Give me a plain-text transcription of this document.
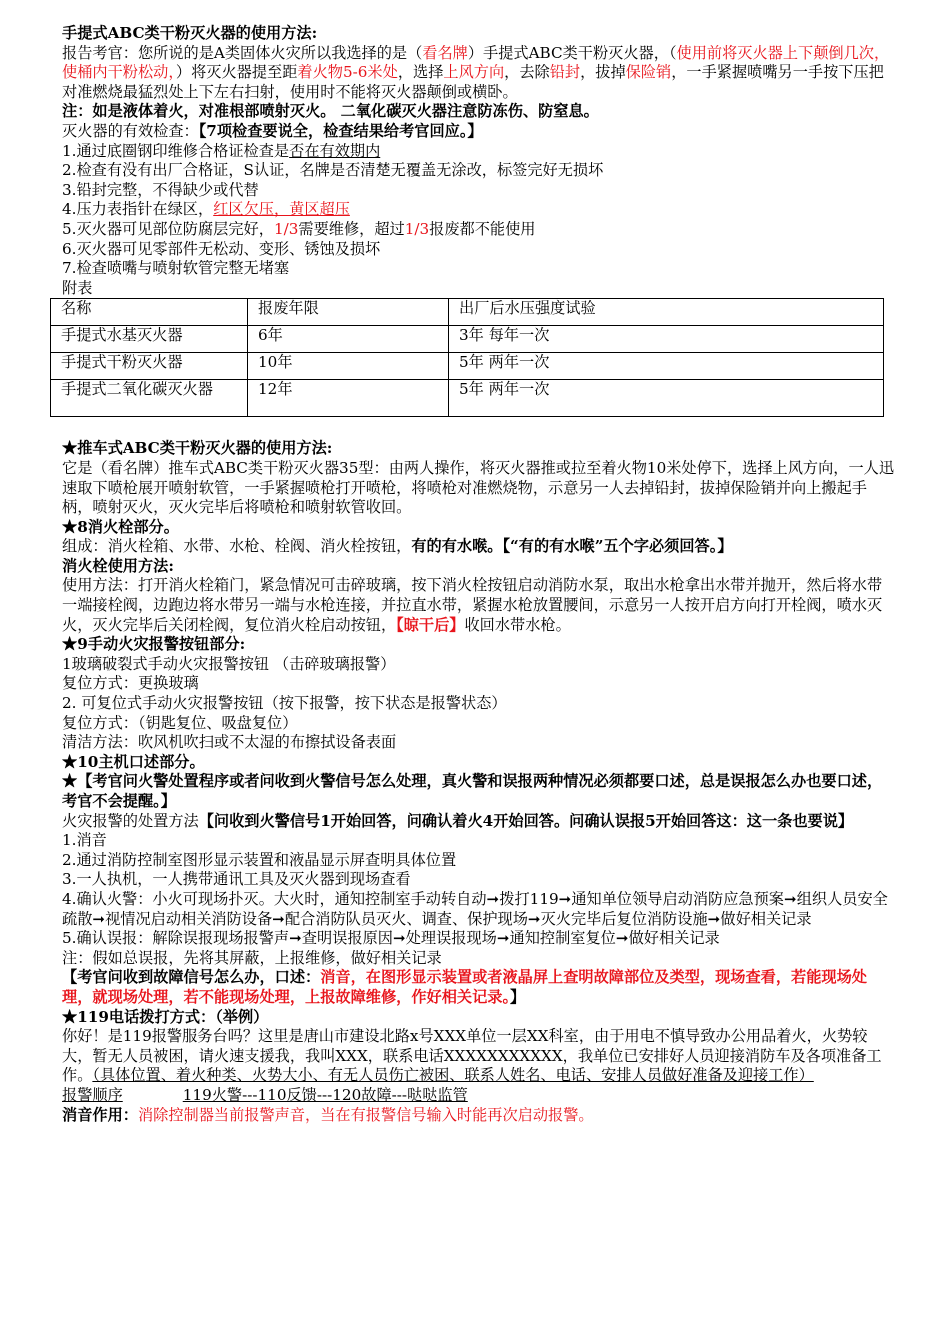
手提式ABC类干粉灭火器的使用方法:
报告考官：您所说的是A类固体火灾所以我选择的是（看名牌）手提式ABC类干粉灭火器，（使用前将灭火器上下颠倒几次，使桶内干粉松动，）将灭火器提至距着火物5-6米处，选择上风方向，去除铅封，拔掉保险销，一手紧握喷嘴另一手按下压把对准燃烧最猛烈处上下左右扫射，使用时不能将灭火器颠倒或横卧。
注：如是液体着火，对准根部喷射灭火。 二氧化碳灭火器注意防冻伤、防窒息。
灭火器的有效检查：【7项检查要说全，检查结果给考官回应。】
1.通过底圈钢印维修合格证检查是否在有效期内
2.检查有没有出厂合格证，S认证，名牌是否清楚无覆盖无涂改，标签完好无损坏
3.铅封完整，不得缺少或代替
4.压力表指针在绿区，红区欠压，黄区超压
5.灭火器可见部位防腐层完好，1/3需要维修，超过1/3报废都不能使用
6.灭火器可见零部件无松动、变形、锈蚀及损坏
7.检查喷嘴与喷射软管完整无堵塞
附表
名称	报废年限	出厂后水压强度试验
手提式水基灭火器	6年	3年 每年一次
手提式干粉灭火器	10年	5年 两年一次
手提式二氧化碳灭火器	12年	5年 两年一次
★推车式ABC类干粉灭火器的使用方法:
它是（看名牌）推车式ABC类干粉灭火器35型：由两人操作，将灭火器推或拉至着火物10米处停下，选择上风方向，一人迅速取下喷枪展开喷射软管，一手紧握喷枪打开喷枪，将喷枪对准燃烧物，示意另一人去掉铅封，拔掉保险销并向上搬起手柄，喷射灭火，灭火完毕后将喷枪和喷射软管收回。
★8消火栓部分。
组成：消火栓箱、水带、水枪、栓阀、消火栓按钮，有的有水喉。【“有的有水喉”五个字必须回答。】
消火栓使用方法:
使用方法：打开消火栓箱门，紧急情况可击碎玻璃，按下消火栓按钮启动消防水泵，取出水枪拿出水带并抛开，然后将水带一端接栓阀，边跑边将水带另一端与水枪连接，并拉直水带，紧握水枪放置腰间，示意另一人按开启方向打开栓阀，喷水灭火，灭火完毕后关闭栓阀，复位消火栓启动按钮，【晾干后】收回水带水枪。
★9手动火灾报警按钮部分:
1玻璃破裂式手动火灾报警按钮 （击碎玻璃报警）
复位方式：更换玻璃
2. 可复位式手动火灾报警按钮（按下报警，按下状态是报警状态）
复位方式：（钥匙复位、吸盘复位）
清洁方法：吹风机吹扫或不太湿的布擦拭设备表面
★10主机口述部分。
★【考官问火警处置程序或者问收到火警信号怎么处理，真火警和误报两种情况必须都要口述，总是误报怎么办也要口述，考官不会提醒。】
火灾报警的处置方法【问收到火警信号1开始回答，问确认着火4开始回答。问确认误报5开始回答这：这一条也要说】
1.消音
2.通过消防控制室图形显示装置和液晶显示屏查明具体位置
3.一人执机，一人携带通讯工具及灭火器到现场查看
4.确认火警：小火可现场扑灭。大火时，通知控制室手动转自动➞拨打119➞通知单位领导启动消防应急预案➞组织人员安全疏散➞视情况启动相关消防设备➞配合消防队员灭火、调查、保护现场➞灭火完毕后复位消防设施➞做好相关记录
5.确认误报：解除误报现场报警声➞查明误报原因➞处理误报现场➞通知控制室复位➞做好相关记录
注：假如总误报，先将其屏蔽，上报维修，做好相关记录
【考官问收到故障信号怎么办，口述：消音，在图形显示装置或者液晶屏上查明故障部位及类型，现场查看，若能现场处理，就现场处理，若不能现场处理，上报故障维修，作好相关记录。】
★119电话拨打方式：（举例）
你好！是119报警服务台吗？这里是唐山市建设北路x号XXX单位一层XX科室，由于用电不慎导致办公用品着火，火势较大，暂无人员被困，请火速支援我，我叫XXX，联系电话XXXXXXXXXXX，我单位已安排好人员迎接消防车及各项准备工作。（具体位置、着火种类、火势大小、有无人员伤亡被困、联系人姓名、电话、安排人员做好准备及迎接工作）
报警顺序	119火警---110反馈---120故障---哒哒监管
消音作用：消除控制器当前报警声音，当在有报警信号输入时能再次启动报警。
